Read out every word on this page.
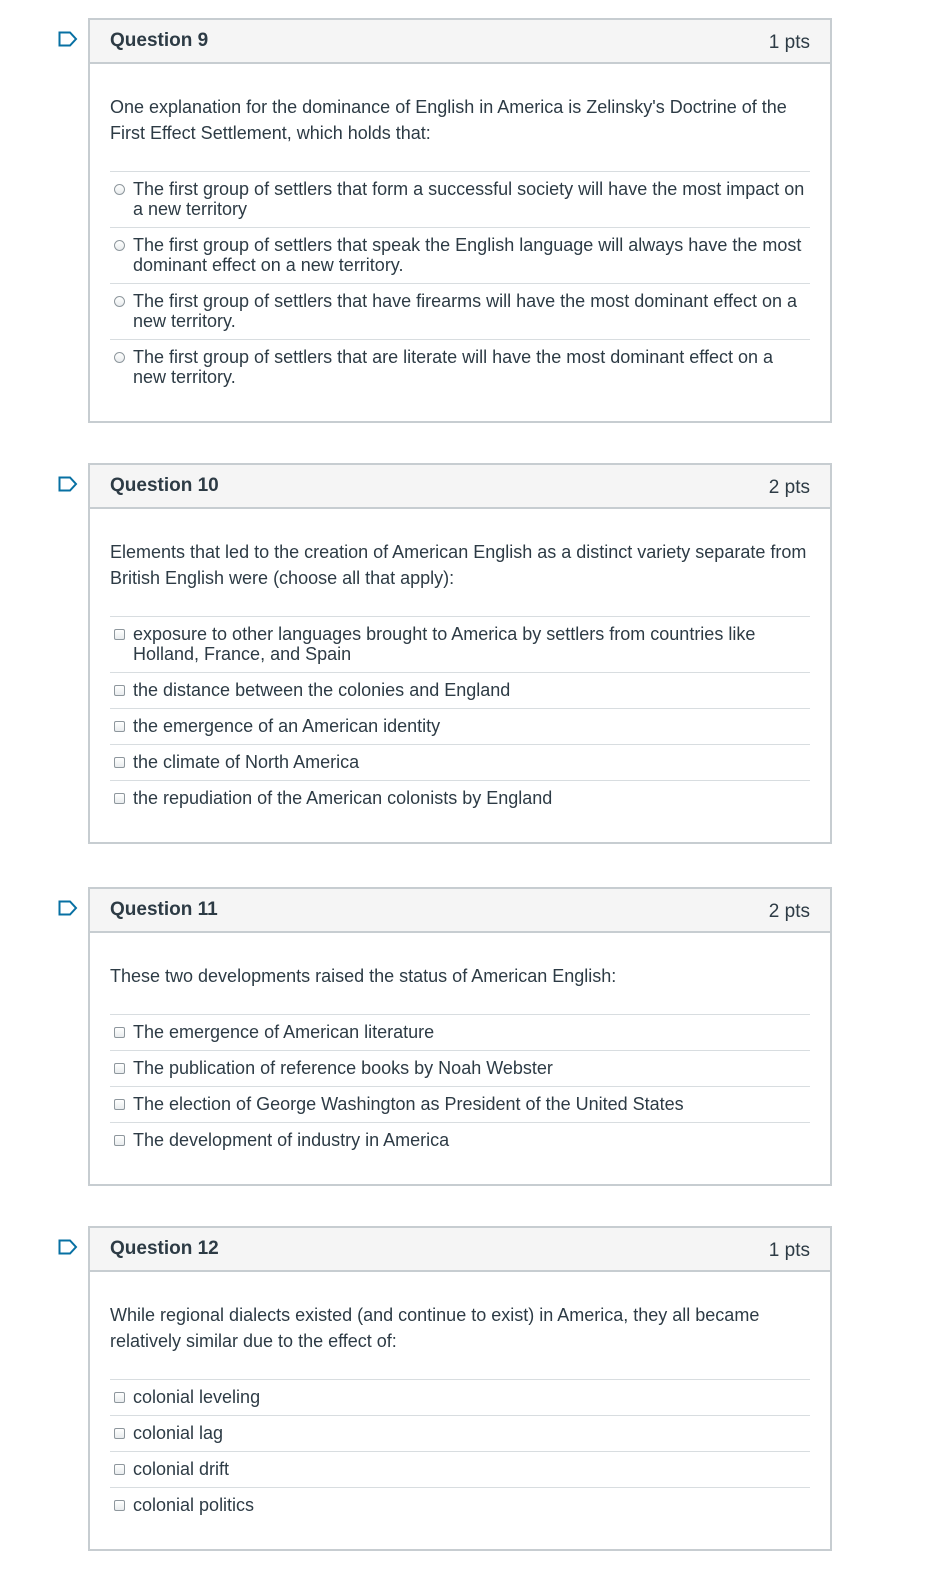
Question 9	1 pts
One explanation for the dominance of English in America is Zelinsky's Doctrine of the First Effect Settlement, which holds that:
The first group of settlers that form a successful society will have the most impact on a new territory
The first group of settlers that speak the English language will always have the most dominant effect on a new territory.
The first group of settlers that have firearms will have the most dominant effect on a new territory.
The first group of settlers that are literate will have the most dominant effect on a new territory.
Question 10	2 pts
Elements that led to the creation of American English as a distinct variety separate from British English were (choose all that apply):
exposure to other languages brought to America by settlers from countries like Holland, France, and Spain
the distance between the colonies and England
the emergence of an American identity
the climate of North America
the repudiation of the American colonists by England
Question 11	2 pts
These two developments raised the status of American English:
The emergence of American literature
The publication of reference books by Noah Webster
The election of George Washington as President of the United States
The development of industry in America
Question 12	1 pts
While regional dialects existed (and continue to exist) in America, they all became relatively similar due to the effect of:
colonial leveling
colonial lag
colonial drift
colonial politics
